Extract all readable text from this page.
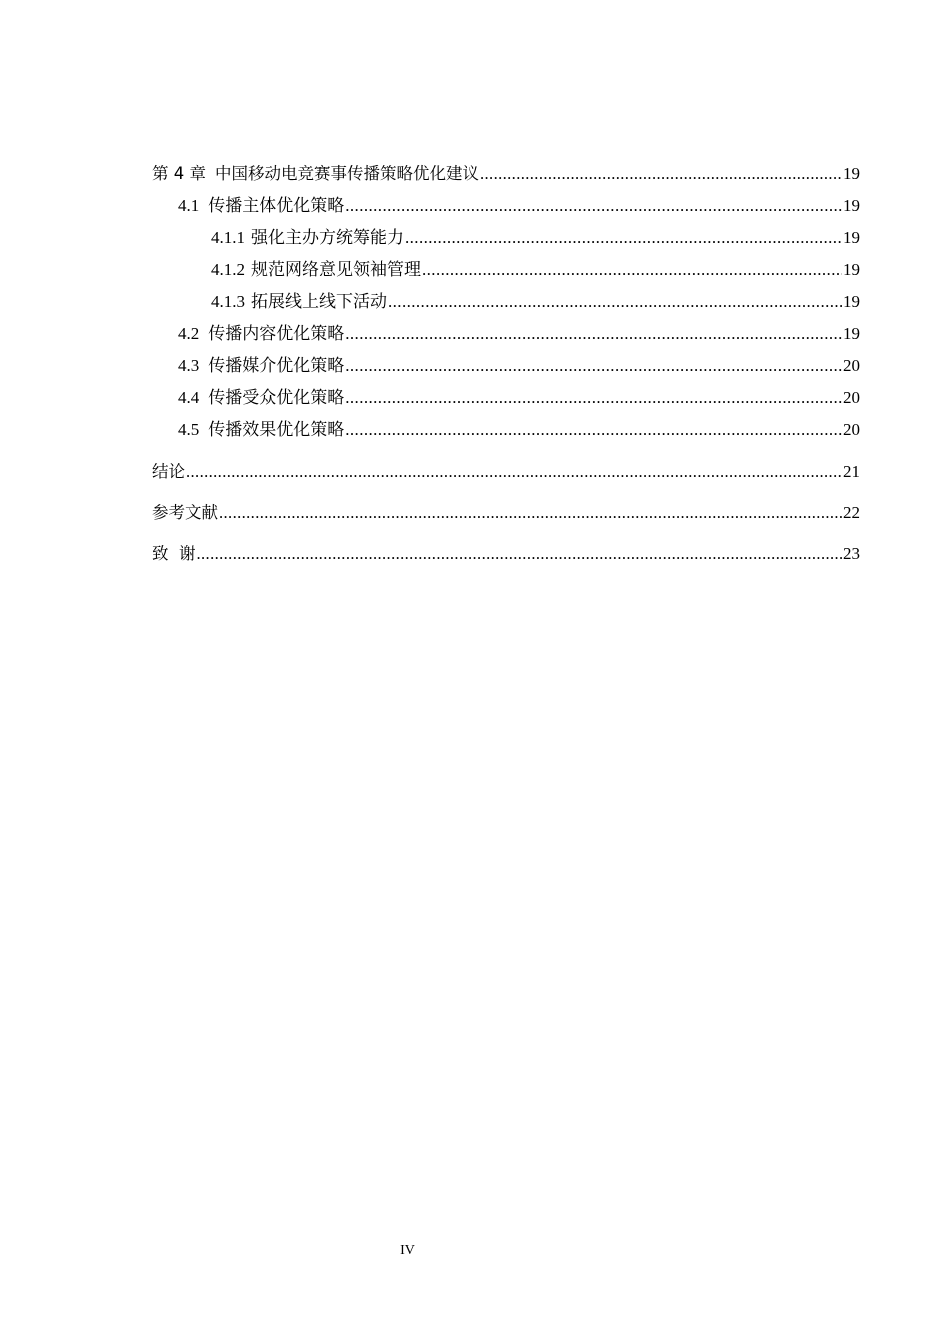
第 4 章 中国移动电竞赛事传播策略优化建议 .....	19
4.1 传播主体优化策略 .....	19
4.1.1 强化主办方统筹能力 .....	19
4.1.2 规范网络意见领袖管理 .....	19
4.1.3 拓展线上线下活动 .....	19
4.2 传播内容优化策略 .....	19
4.3 传播媒介优化策略 .....	20
4.4 传播受众优化策略 .....	20
4.5 传播效果优化策略 .....	20
结论 .....	21
参考文献 .....	22
致  谢 .....	23
IV
